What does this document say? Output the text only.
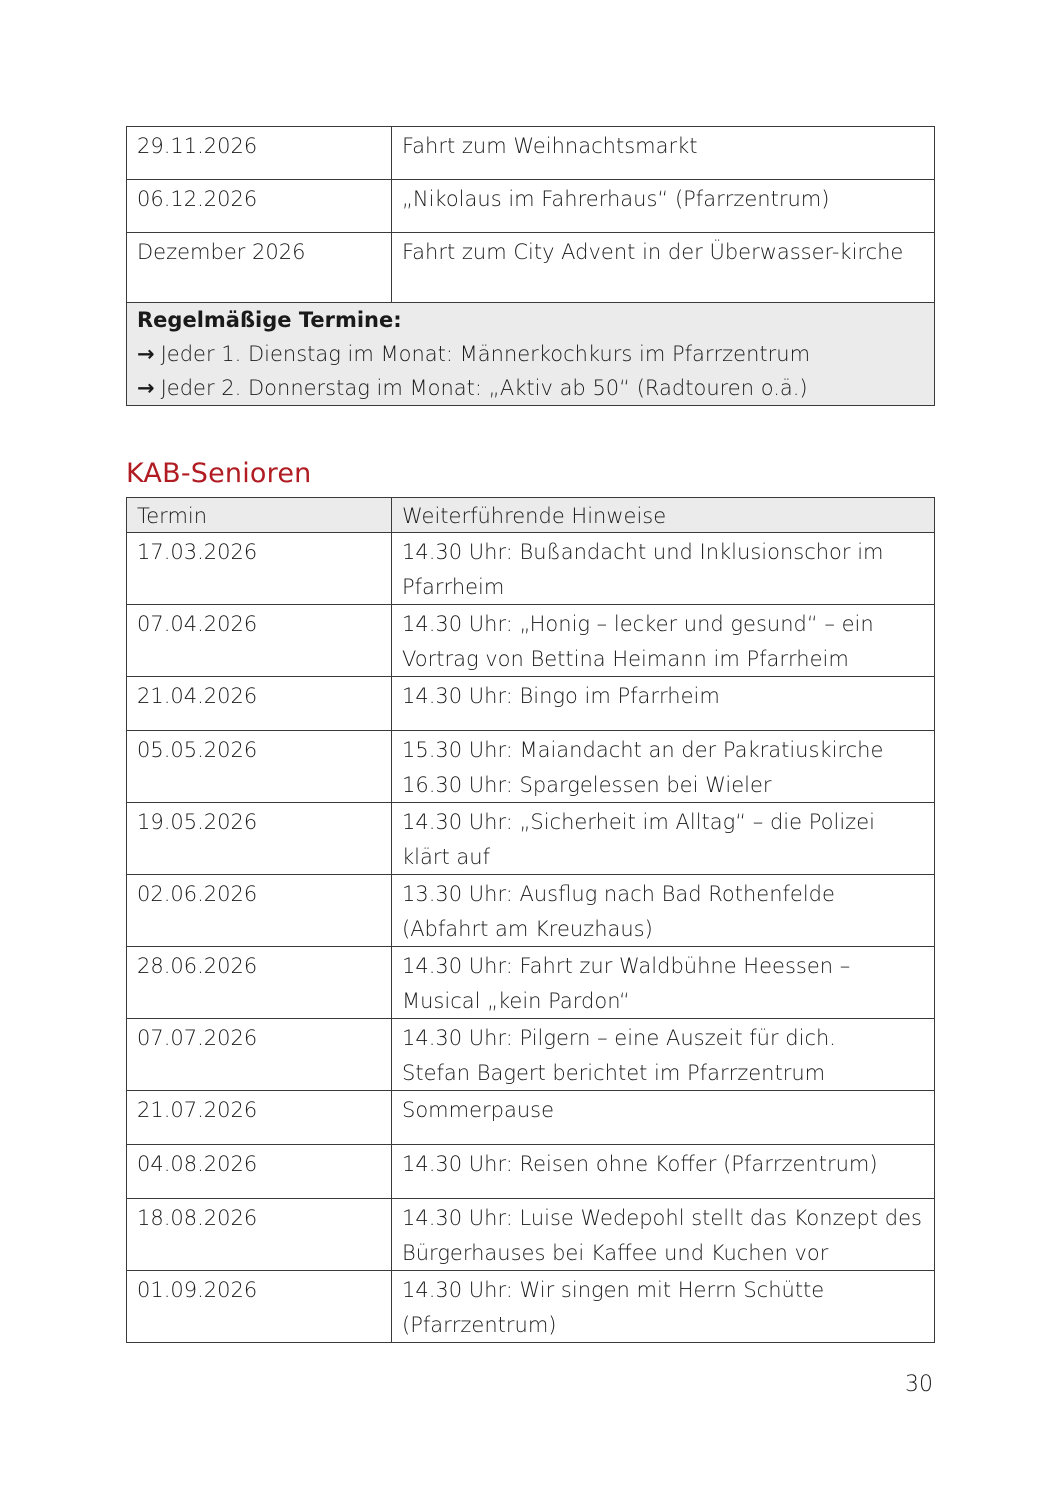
29.11.2026	Fahrt zum Weihnachtsmarkt
06.12.2026	„Nikolaus im Fahrerhaus“ (Pfarrzentrum)
Dezember 2026	Fahrt zum City Advent in der Überwasser-kirche

Regelmäßige Termine:
→ Jeder 1. Dienstag im Monat: Männerkochkurs im Pfarrzentrum
→ Jeder 2. Donnerstag im Monat: „Aktiv ab 50“ (Radtouren o.ä.)	
KAB-Senioren
Termin	Weiterführende Hinweise
17.03.2026	14.30 Uhr: Bußandacht und Inklusionschor im Pfarrheim
07.04.2026	14.30 Uhr: „Honig – lecker und gesund“ – ein Vortrag von Bettina Heimann im Pfarrheim
21.04.2026	14.30 Uhr: Bingo im Pfarrheim
05.05.2026	15.30 Uhr: Maiandacht an der Pakratiuskirche
16.30 Uhr: Spargelessen bei Wieler

19.05.2026	14.30 Uhr: „Sicherheit im Alltag“ – die Polizei klärt auf
02.06.2026	13.30 Uhr: Ausflug nach Bad Rothenfelde (Abfahrt am Kreuzhaus)
28.06.2026	14.30 Uhr: Fahrt zur Waldbühne Heessen – Musical „kein Pardon“
07.07.2026	14.30 Uhr: Pilgern – eine Auszeit für dich.
Stefan Bagert berichtet im Pfarrzentrum

21.07.2026	Sommerpause
04.08.2026	14.30 Uhr: Reisen ohne Koffer (Pfarrzentrum)
18.08.2026	14.30 Uhr: Luise Wedepohl stellt das Konzept des Bürgerhauses bei Kaffee und Kuchen vor
01.09.2026	14.30 Uhr: Wir singen mit Herrn Schütte (Pfarrzentrum)
30
